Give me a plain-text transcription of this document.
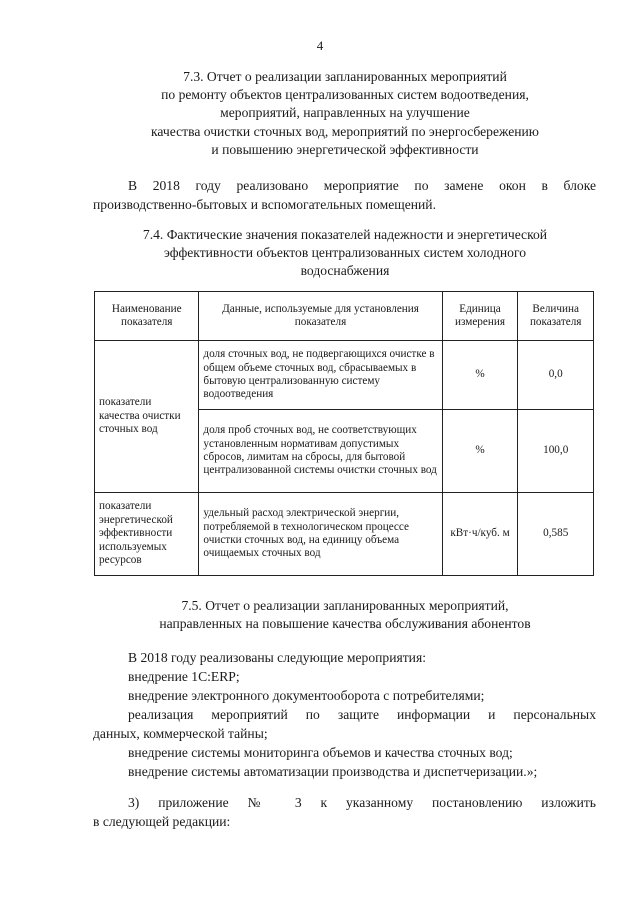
4
7.3. Отчет о реализации запланированных мероприятий
по ремонту объектов централизованных систем водоотведения,
мероприятий, направленных на улучшение
качества очистки сточных вод, мероприятий по энергосбережению
и повышению энергетической эффективности
В 2018 году реализовано мероприятие по замене окон в блоке
производственно-бытовых и вспомогательных помещений.
7.4. Фактические значения показателей надежности и энергетической
эффективности объектов централизованных систем холодного
водоснабжения
Наименование показателя	Данные, используемые для установления показателя	Единица измерения	Величина показателя
показатели качества очистки сточных вод	доля сточных вод, не подвергающихся очистке в общем объеме сточных вод, сбрасываемых в бытовую централизованную систему водоотведения	%	0,0
	доля проб сточных вод, не соответствующих установленным нормативам допустимых сбросов, лимитам на сбросы, для бытовой централизованной системы очистки сточных вод	%	100,0
показатели энергетической эффективности используемых ресурсов	удельный расход электрической энергии, потребляемой в технологическом процессе очистки сточных вод, на единицу объема очищаемых сточных вод	кВт·ч/куб. м	0,585
7.5. Отчет о реализации запланированных мероприятий,
направленных на повышение качества обслуживания абонентов
В 2018 году реализованы следующие мероприятия:
внедрение 1С:ERP;
внедрение электронного документооборота с потребителями;
реализация мероприятий по защите информации и персональных
данных, коммерческой тайны;
внедрение системы мониторинга объемов и качества сточных вод;
внедрение системы автоматизации производства и диспетчеризации.»;
3) приложение № 3 к указанному постановлению изложить
в следующей редакции:
